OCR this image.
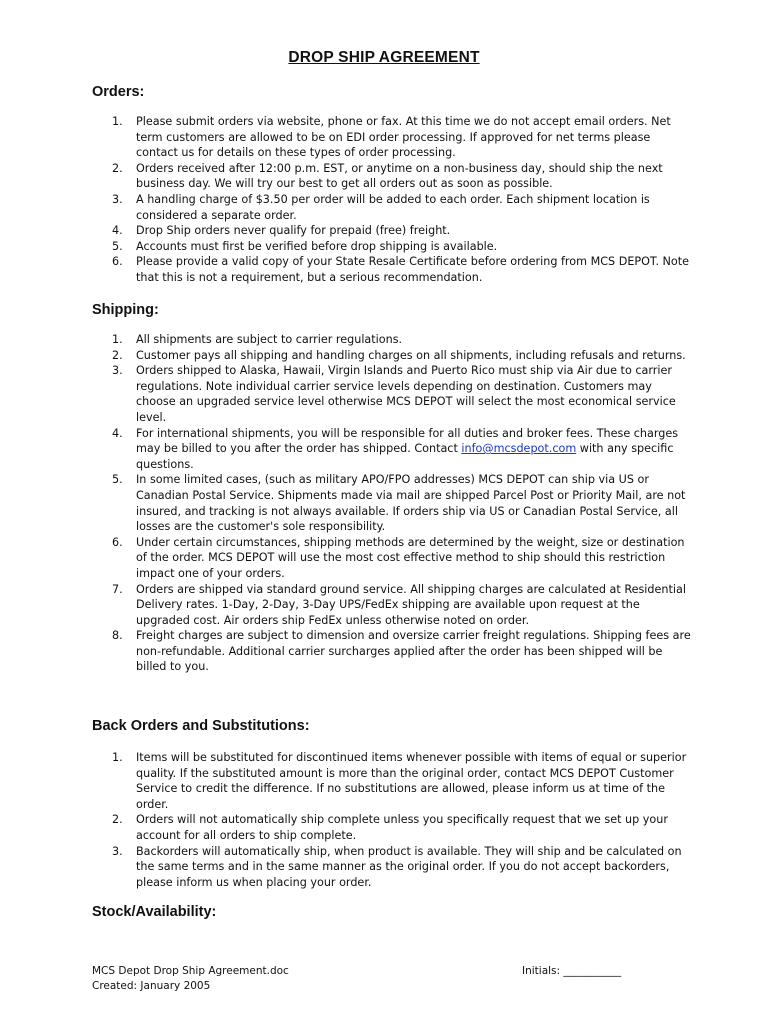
DROP SHIP AGREEMENT
Orders:
1. Please submit orders via website, phone or fax. At this time we do not accept email orders. Net term customers are allowed to be on EDI order processing. If approved for net terms please contact us for details on these types of order processing.
2. Orders received after 12:00 p.m. EST, or anytime on a non-business day, should ship the next business day. We will try our best to get all orders out as soon as possible.
3. A handling charge of $3.50 per order will be added to each order. Each shipment location is considered a separate order.
4. Drop Ship orders never qualify for prepaid (free) freight.
5. Accounts must first be verified before drop shipping is available.
6. Please provide a valid copy of your State Resale Certificate before ordering from MCS DEPOT. Note that this is not a requirement, but a serious recommendation.
Shipping:
1. All shipments are subject to carrier regulations.
2. Customer pays all shipping and handling charges on all shipments, including refusals and returns.
3. Orders shipped to Alaska, Hawaii, Virgin Islands and Puerto Rico must ship via Air due to carrier regulations. Note individual carrier service levels depending on destination. Customers may choose an upgraded service level otherwise MCS DEPOT will select the most economical service level.
4. For international shipments, you will be responsible for all duties and broker fees. These charges may be billed to you after the order has shipped. Contact info@mcsdepot.com with any specific questions.
5. In some limited cases, (such as military APO/FPO addresses) MCS DEPOT can ship via US or Canadian Postal Service. Shipments made via mail are shipped Parcel Post or Priority Mail, are not insured, and tracking is not always available. If orders ship via US or Canadian Postal Service, all losses are the customer's sole responsibility.
6. Under certain circumstances, shipping methods are determined by the weight, size or destination of the order. MCS DEPOT will use the most cost effective method to ship should this restriction impact one of your orders.
7. Orders are shipped via standard ground service. All shipping charges are calculated at Residential Delivery rates. 1-Day, 2-Day, 3-Day UPS/FedEx shipping are available upon request at the upgraded cost. Air orders ship FedEx unless otherwise noted on order.
8. Freight charges are subject to dimension and oversize carrier freight regulations. Shipping fees are non-refundable. Additional carrier surcharges applied after the order has been shipped will be billed to you.
Back Orders and Substitutions:
1. Items will be substituted for discontinued items whenever possible with items of equal or superior quality. If the substituted amount is more than the original order, contact MCS DEPOT Customer Service to credit the difference. If no substitutions are allowed, please inform us at time of the order.
2. Orders will not automatically ship complete unless you specifically request that we set up your account for all orders to ship complete.
3. Backorders will automatically ship, when product is available. They will ship and be calculated on the same terms and in the same manner as the original order. If you do not accept backorders, please inform us when placing your order.
Stock/Availability:
MCS Depot Drop Ship Agreement.doc
Created: January 2005
Initials: ___________
